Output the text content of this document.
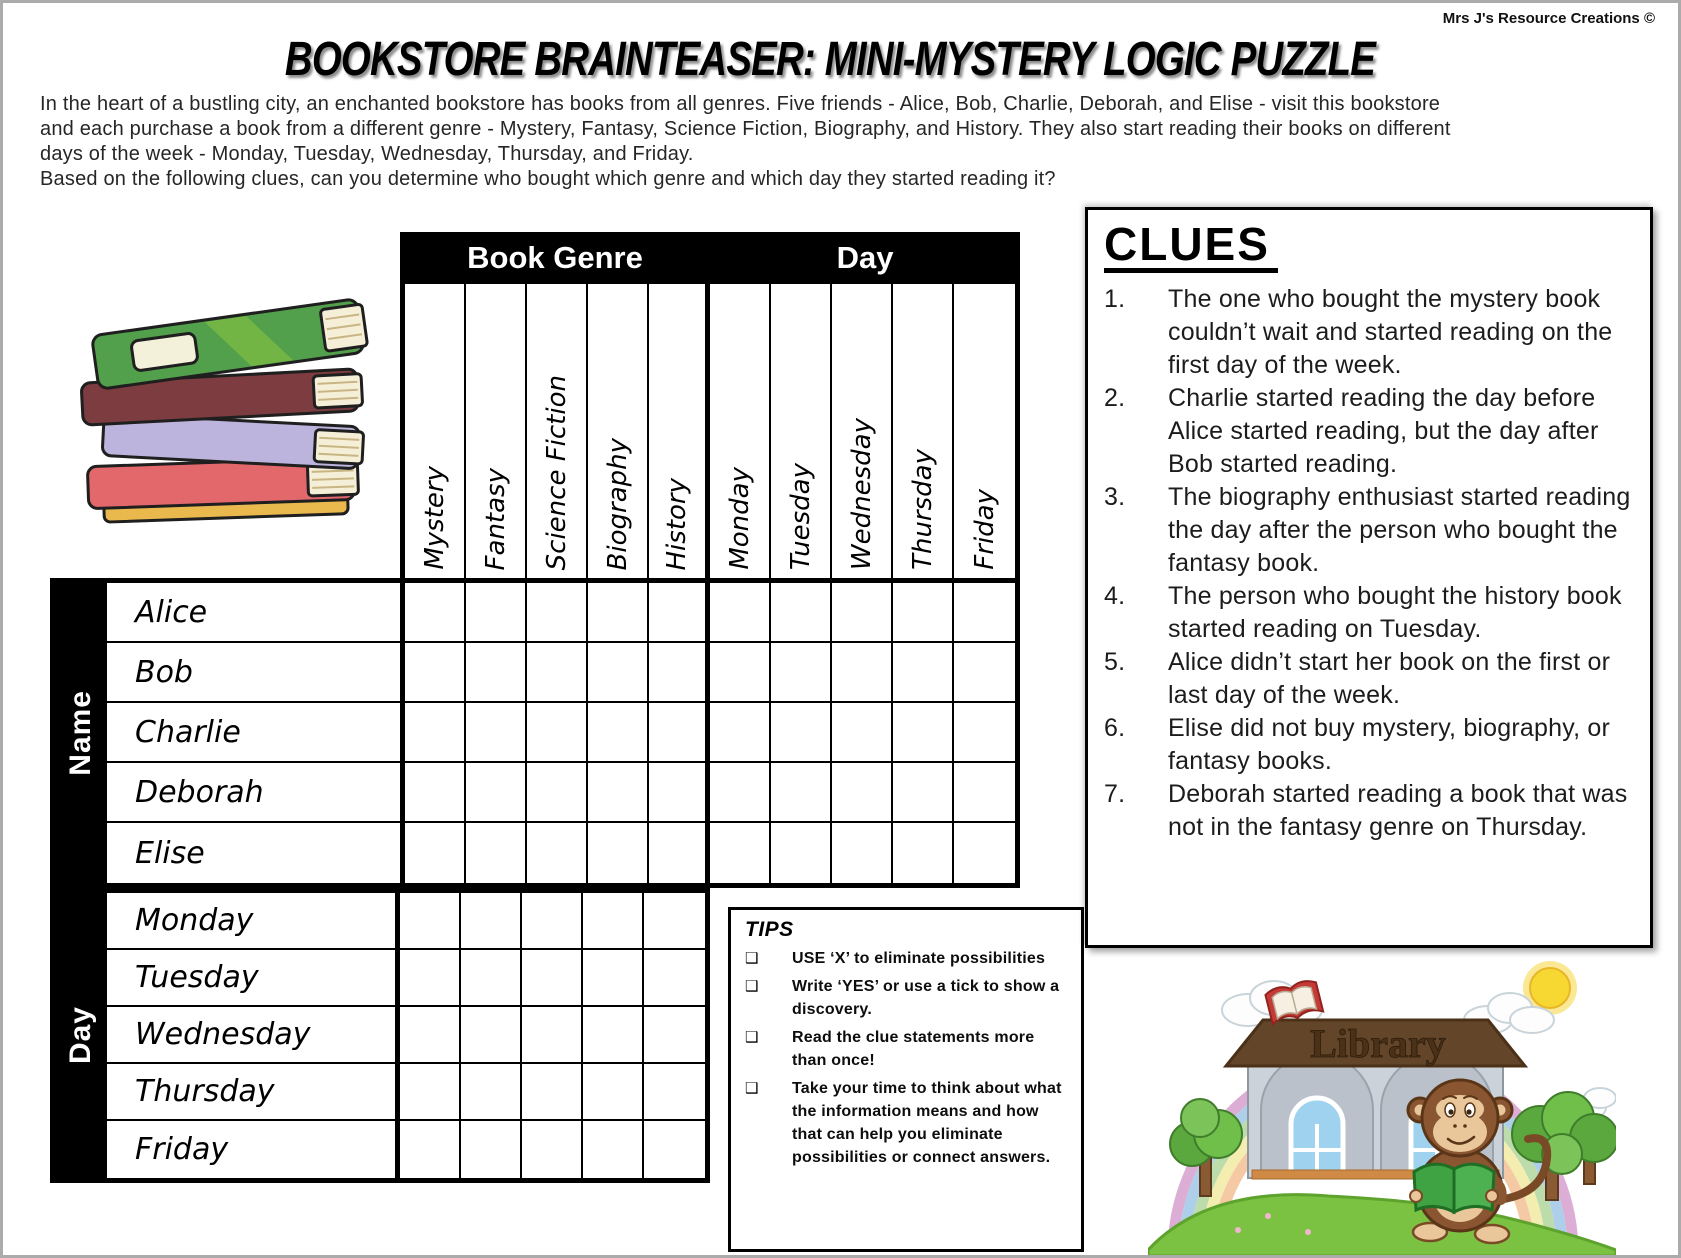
Mrs J's Resource Creations ©
BOOKSTORE BRAINTEASER: MINI-MYSTERY LOGIC PUZZLE
In the heart of a bustling city, an enchanted bookstore has books from all genres. Five friends - Alice, Bob, Charlie, Deborah, and Elise - visit this bookstore
and each purchase a book from a different genre - Mystery, Fantasy, Science Fiction, Biography, and History. They also start reading their books on different
days of the week - Monday, Tuesday, Wednesday, Thursday, and Friday.
Based on the following clues, can you determine who bought which genre and which day they started reading it?
Book Genre	Day
Mystery Fantasy Science Fiction Biography History Monday Tuesday Wednesday Thursday Friday
Name
Alice
Bob
Charlie
Deborah
Elise
Day
Monday
Tuesday
Wednesday
Thursday
Friday
TIPS
❑	USE ‘X’ to eliminate possibilities
❑	Write ‘YES’ or use a tick to show a discovery.
❑	Read the clue statements more than once!
❑	Take your time to think about what the information means and how that can help you eliminate possibilities or connect answers.
CLUES
1.	The one who bought the mystery book couldn’t wait and started reading on the first day of the week.
2.	Charlie started reading the day before Alice started reading, but the day after Bob started reading.
3.	The biography enthusiast started reading the day after the person who bought the fantasy book.
4.	The person who bought the history book started reading on Tuesday.
5.	Alice didn’t start her book on the first or last day of the week.
6.	Elise did not buy mystery, biography, or fantasy books.
7.	Deborah started reading a book that was not in the fantasy genre on Thursday.
Library
